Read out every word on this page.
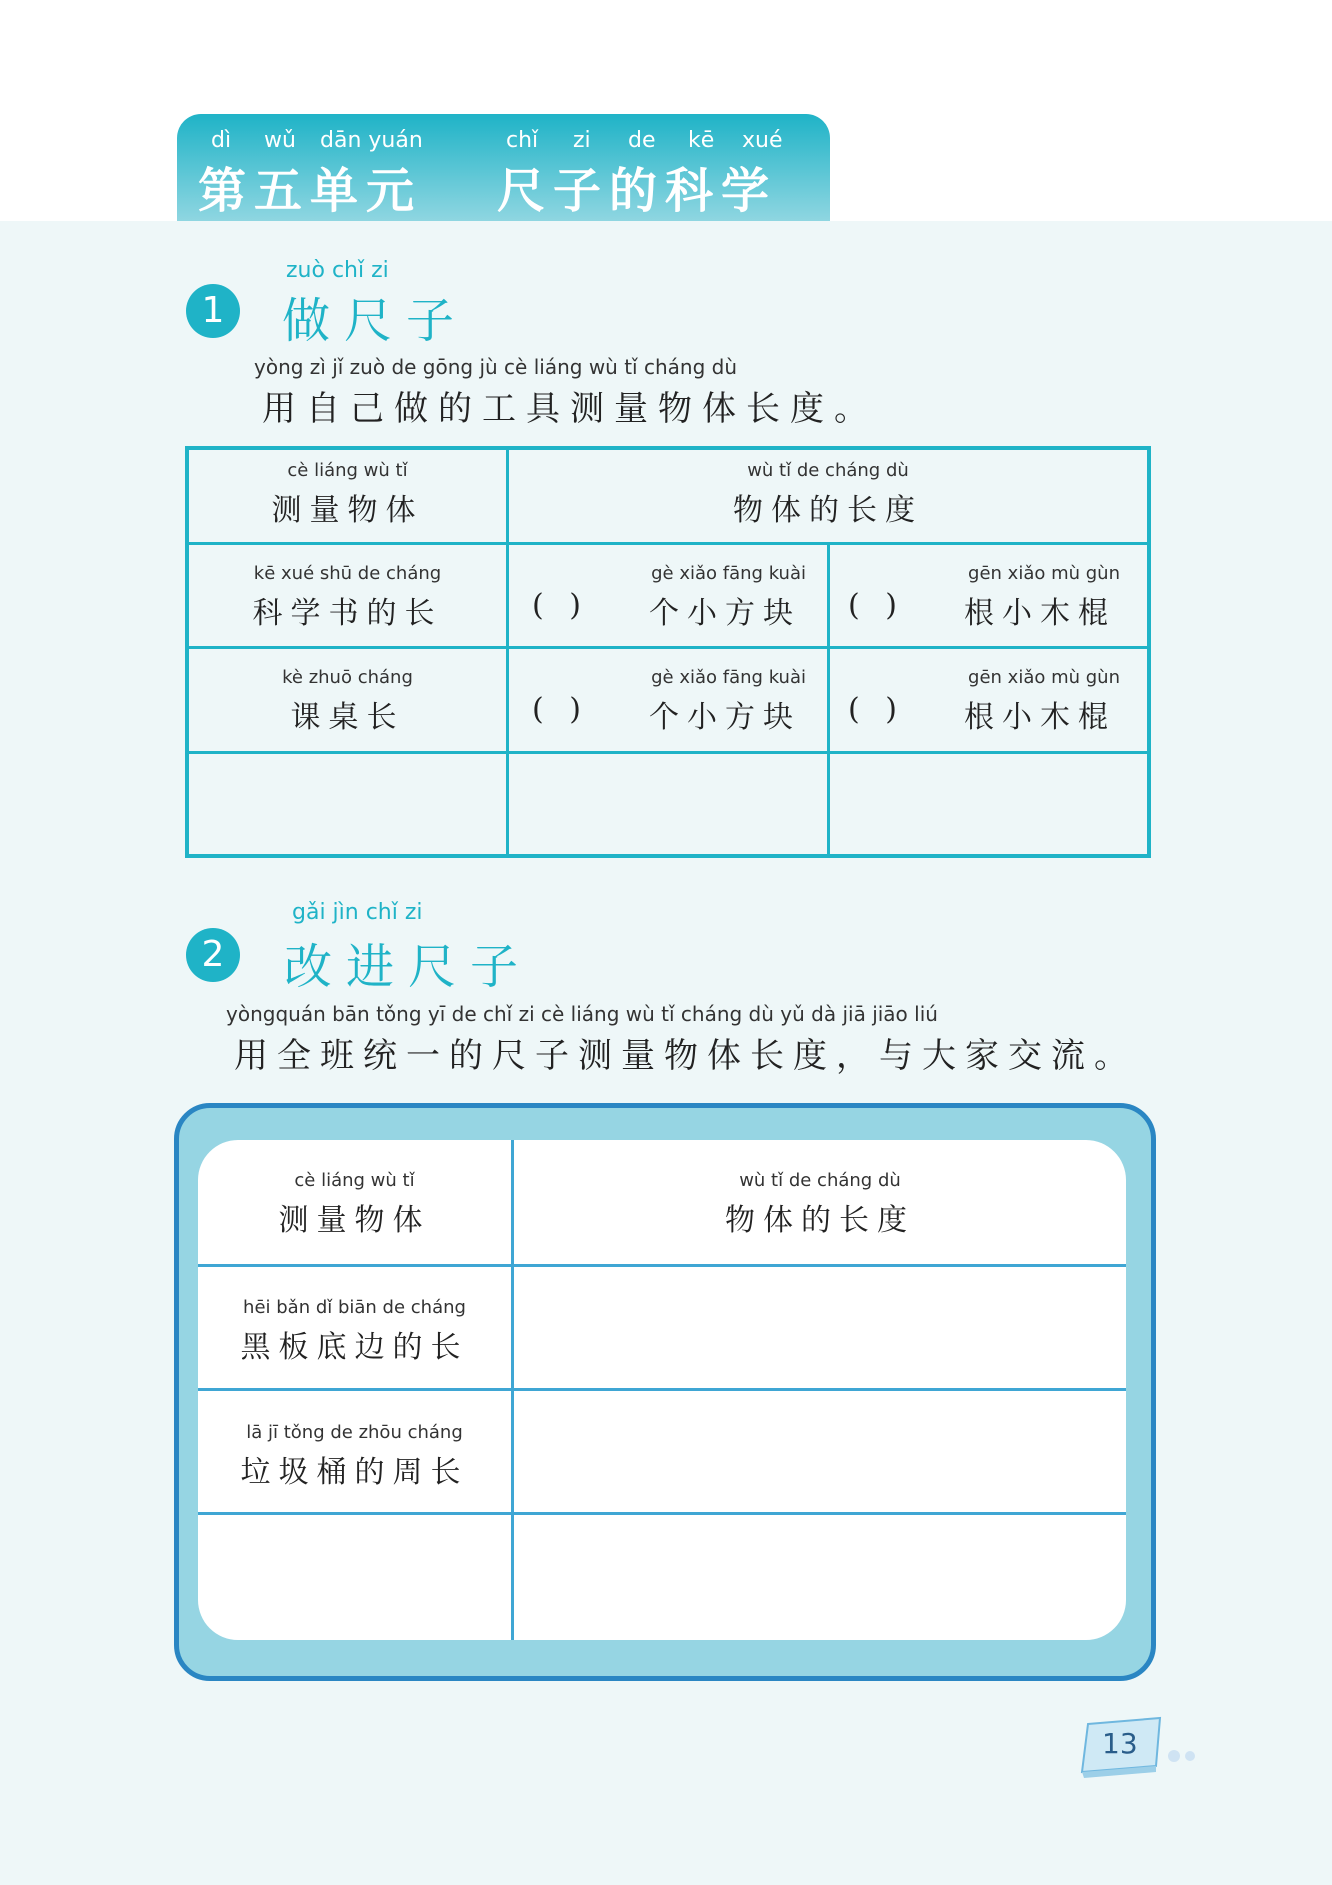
dì wǔ dān yuán	chǐ zi de kē xué
第五单元 尺子的科学
1
zuò chǐ zi
做尺子
yòng zì jǐ zuò de gōng jù cè liáng wù tǐ cháng dù
用自己做的工具测量物体长度。
cè liáng wù tǐ
测量物体
wù tǐ de cháng dù
物体的长度
kē xué shū de cháng
科学书的长
gè xiǎo fāng kuài
( ) 个小方块
gēn xiǎo mù gùn
( ) 根小木棍
kè zhuō cháng
课桌长
gè xiǎo fāng kuài
( ) 个小方块
gēn xiǎo mù gùn
( ) 根小木棍
2
gǎi jìn chǐ zi
改进尺子
yòngquán bān tǒng yī de chǐ zi cè liáng wù tǐ cháng dù yǔ dà jiā jiāo liú
用全班统一的尺子测量物体长度，与大家交流。
cè liáng wù tǐ
测量物体
wù tǐ de cháng dù
物体的长度
hēi bǎn dǐ biān de cháng
黑板底边的长
lā jī tǒng de zhōu cháng
垃圾桶的周长
13
